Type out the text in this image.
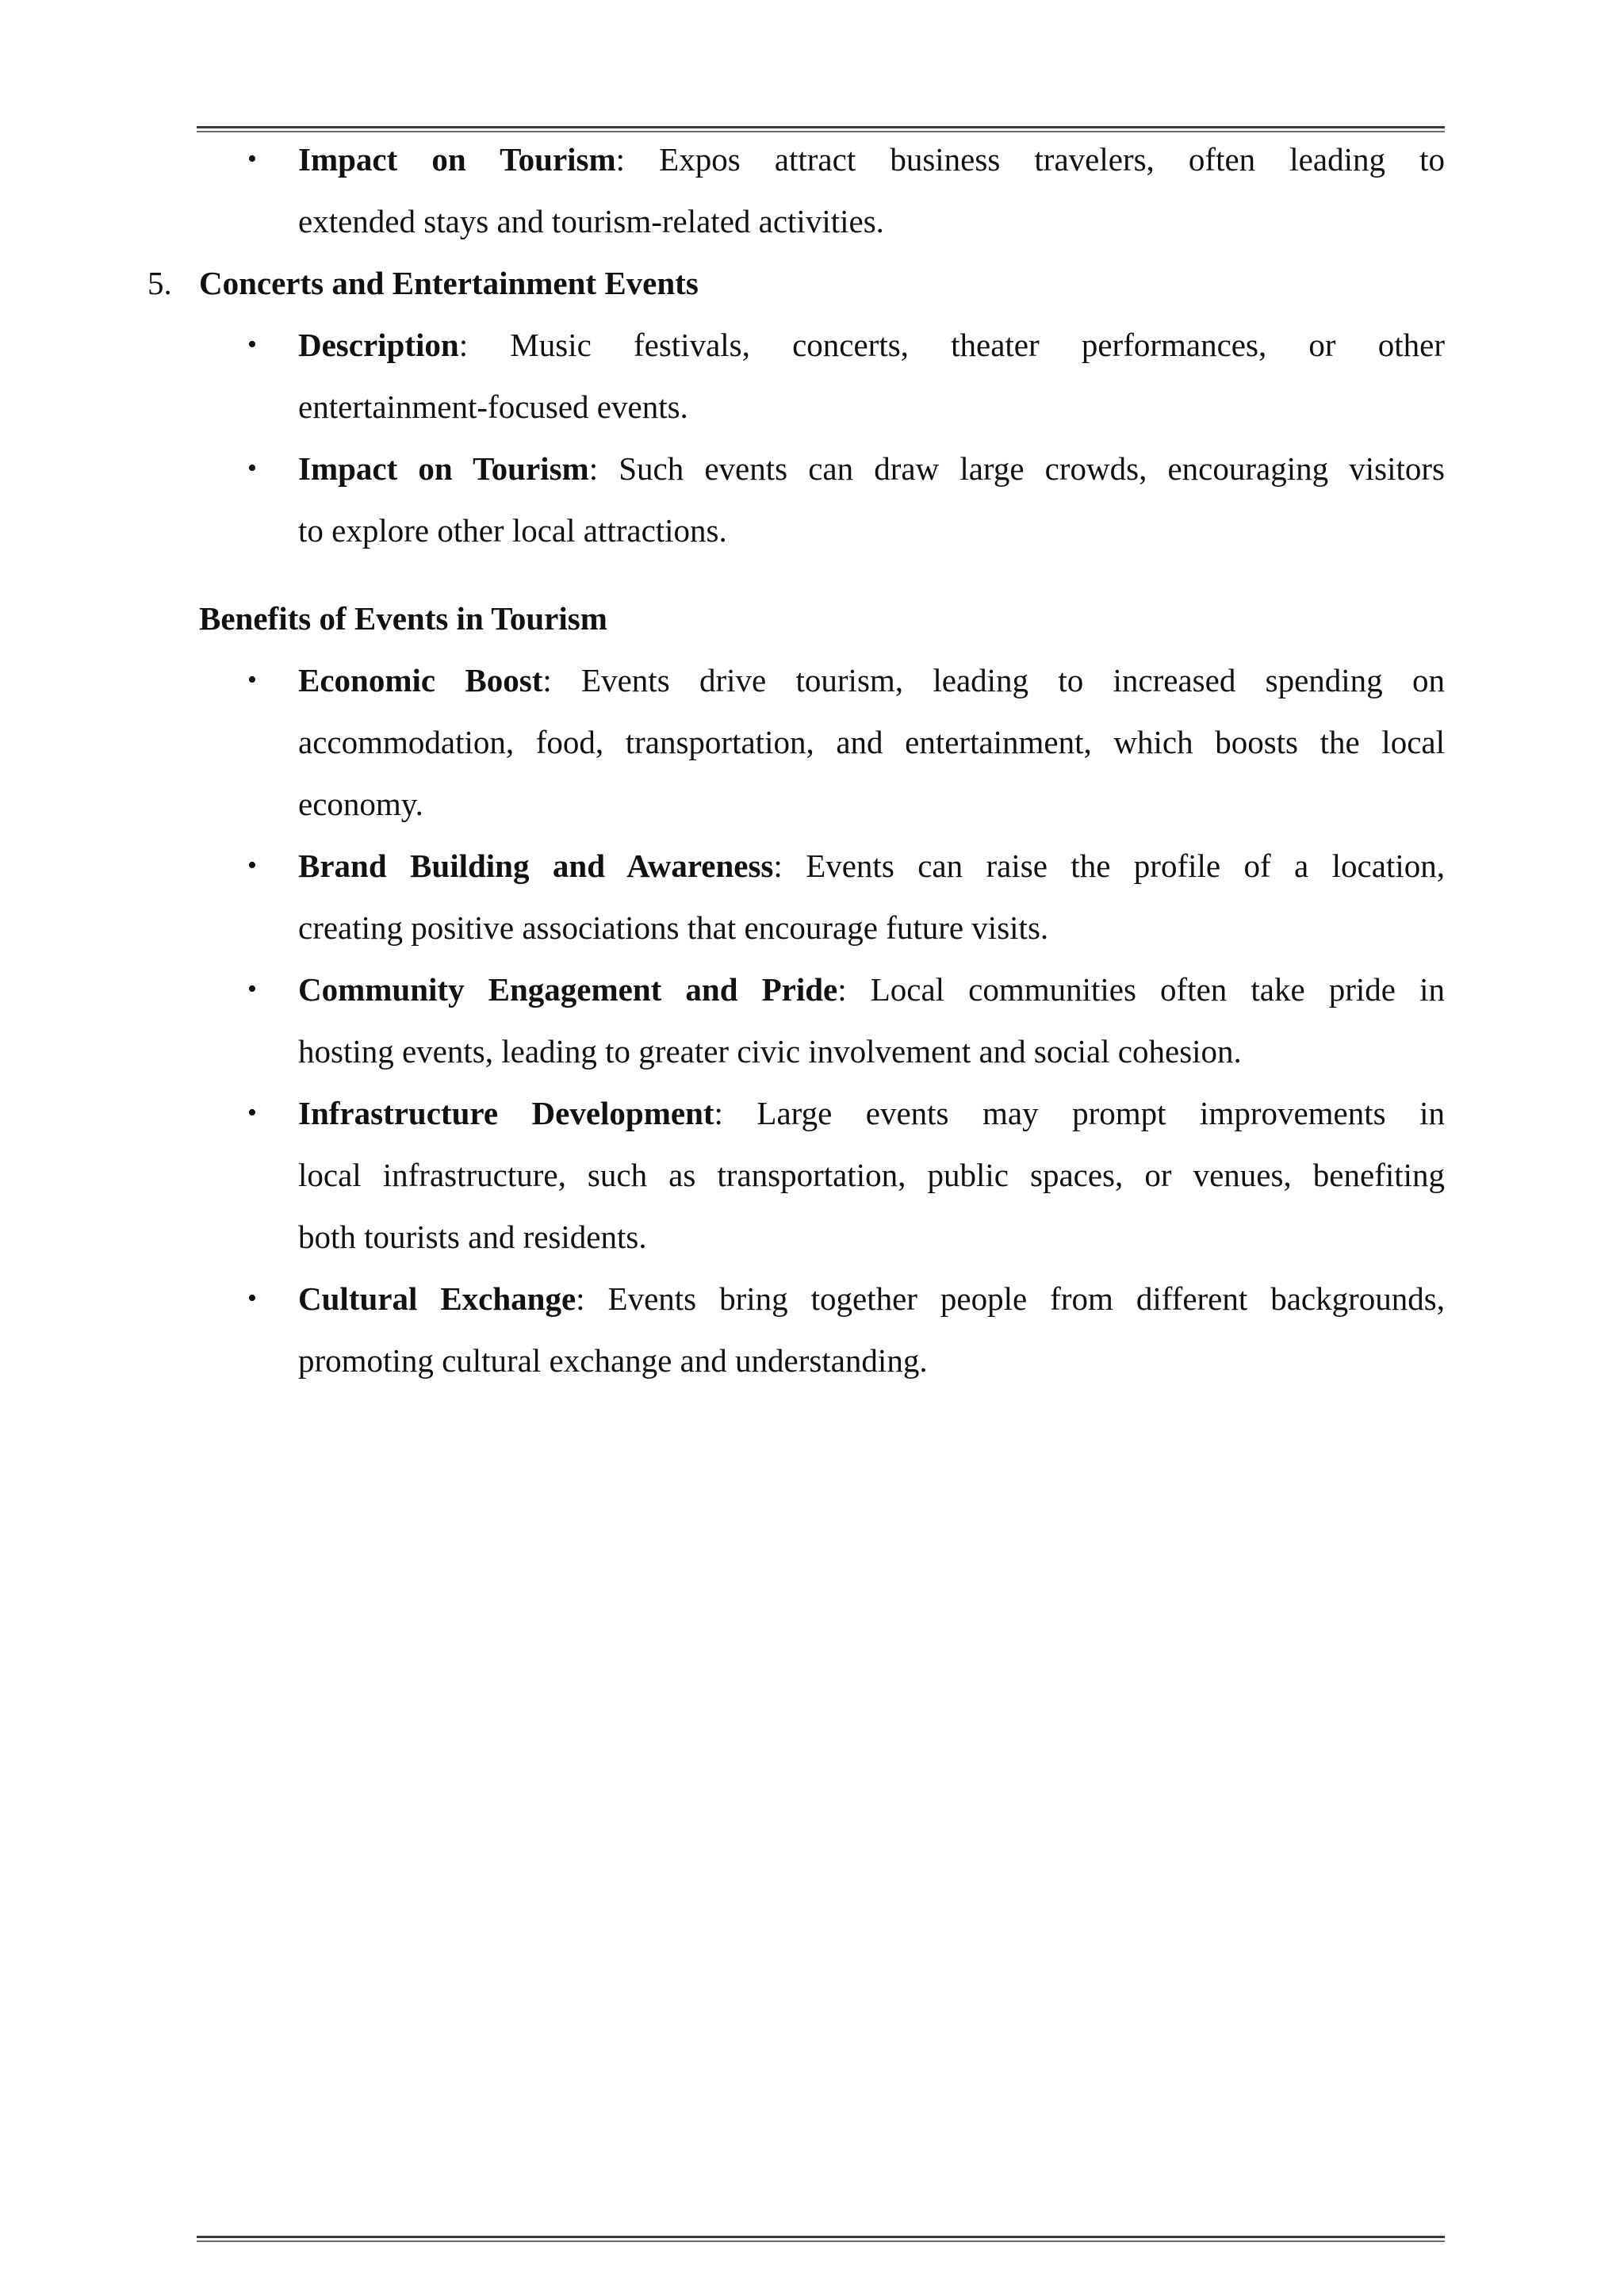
• Impact on Tourism: Expos attract business travelers, often leading to
extended stays and tourism-related activities.
5. Concerts and Entertainment Events
• Description: Music festivals, concerts, theater performances, or other
entertainment-focused events.
• Impact on Tourism: Such events can draw large crowds, encouraging visitors
to explore other local attractions.
Benefits of Events in Tourism
• Economic Boost: Events drive tourism, leading to increased spending on
accommodation, food, transportation, and entertainment, which boosts the local
economy.
• Brand Building and Awareness: Events can raise the profile of a location,
creating positive associations that encourage future visits.
• Community Engagement and Pride: Local communities often take pride in
hosting events, leading to greater civic involvement and social cohesion.
• Infrastructure Development: Large events may prompt improvements in
local infrastructure, such as transportation, public spaces, or venues, benefiting
both tourists and residents.
• Cultural Exchange: Events bring together people from different backgrounds,
promoting cultural exchange and understanding.
